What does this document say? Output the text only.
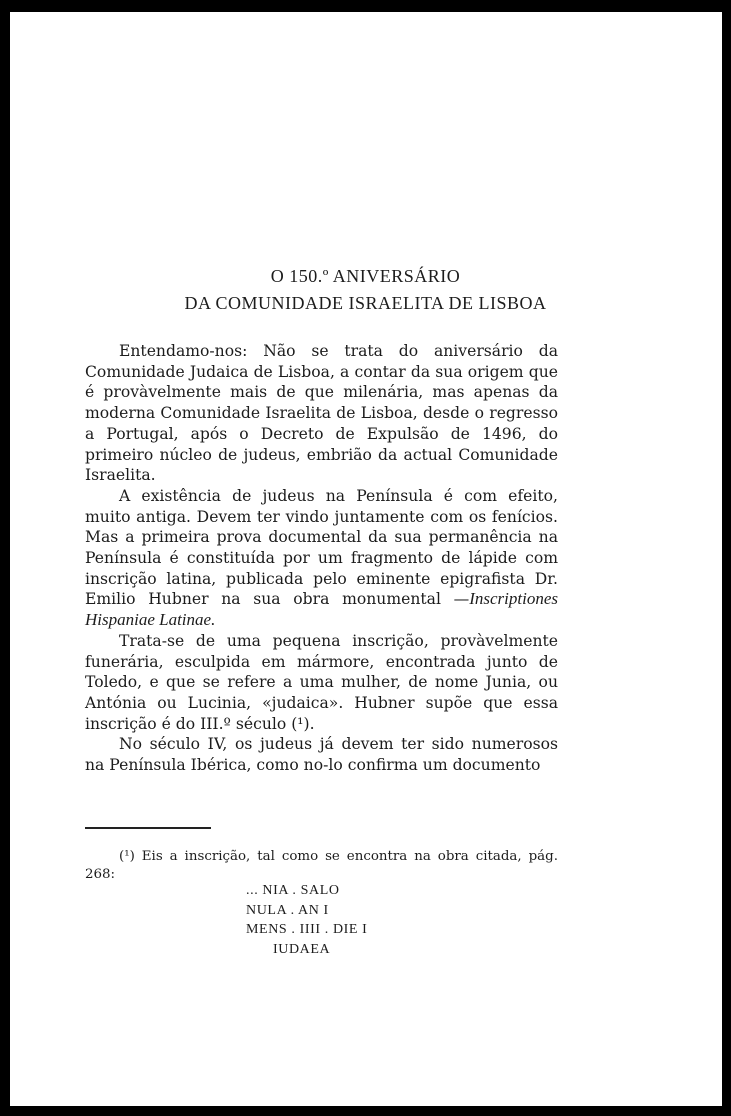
O 150.º ANIVERSÁRIO
DA COMUNIDADE ISRAELITA DE LISBOA

Entendamo-nos: Não se trata do aniversário da Comunidade Judaica de Lisboa, a contar da sua origem que é provàvelmente mais de que milenária, mas apenas da moderna Comunidade Israelita de Lisboa, desde o regresso a Portugal, após o Decreto de Expulsão de 1496, do primeiro núcleo de judeus, embrião da actual Comunidade Israelita.

A existência de judeus na Península é com efeito, muito antiga. Devem ter vindo juntamente com os fenícios. Mas a primeira prova documental da sua permanência na Península é constituída por um fragmento de lápide com inscrição latina, publicada pelo eminente epigrafista Dr. Emilio Hubner na sua obra monumental —Inscriptiones Hispaniae Latinae.

Trata-se de uma pequena inscrição, provàvelmente funerária, esculpida em mármore, encontrada junto de Toledo, e que se refere a uma mulher, de nome Junia, ou Antónia ou Lucinia, «judaica». Hubner supõe que essa inscrição é do III.º século (¹).

No século IV, os judeus já devem ter sido numerosos na Península Ibérica, como no-lo confirma um documento

(¹) Eis a inscrição, tal como se encontra na obra citada, pág. 268:

... NIA . SALO
NULA . AN I
MENS . IIII . DIE I
IUDAEA
